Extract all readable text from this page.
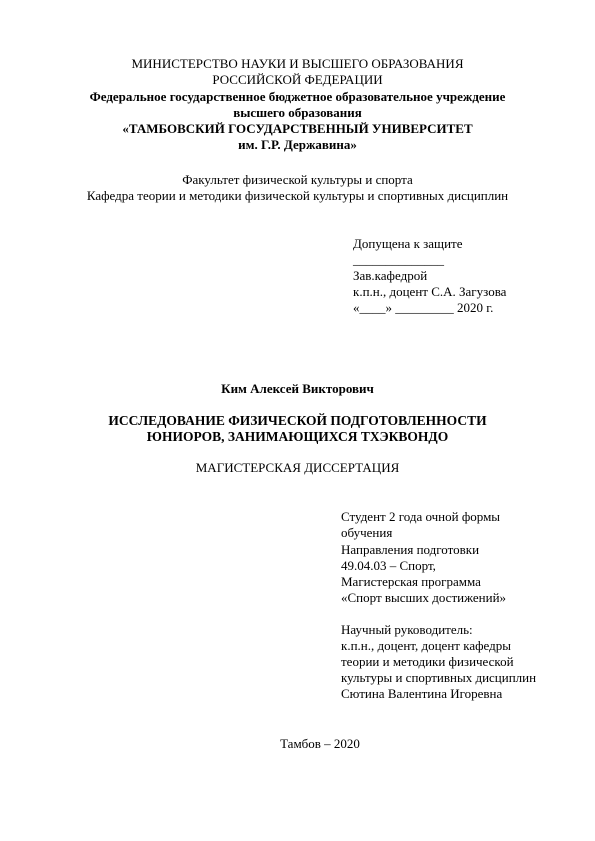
МИНИСТЕРСТВО НАУКИ И ВЫСШЕГО ОБРАЗОВАНИЯ
РОССИЙСКОЙ ФЕДЕРАЦИИ
Федеральное государственное бюджетное образовательное учреждение
высшего образования
«ТАМБОВСКИЙ ГОСУДАРСТВЕННЫЙ УНИВЕРСИТЕТ
им. Г.Р. Державина»
Факультет физической культуры и спорта
Кафедра теории и методики физической культуры и спортивных дисциплин
Допущена к защите
______________
Зав.кафедрой
к.п.н., доцент С.А. Загузова
«____» _________ 2020 г.
Ким Алексей Викторович
ИССЛЕДОВАНИЕ ФИЗИЧЕСКОЙ ПОДГОТОВЛЕННОСТИ
ЮНИОРОВ, ЗАНИМАЮЩИХСЯ ТХЭКВОНДО
МАГИСТЕРСКАЯ ДИССЕРТАЦИЯ
Студент 2 года очной формы
обучения
Направления подготовки
49.04.03 – Спорт,
Магистерская программа
«Спорт высших достижений»
Научный руководитель:
к.п.н., доцент, доцент кафедры
теории и методики физической
культуры и спортивных дисциплин
Сютина Валентина Игоревна
Тамбов – 2020
